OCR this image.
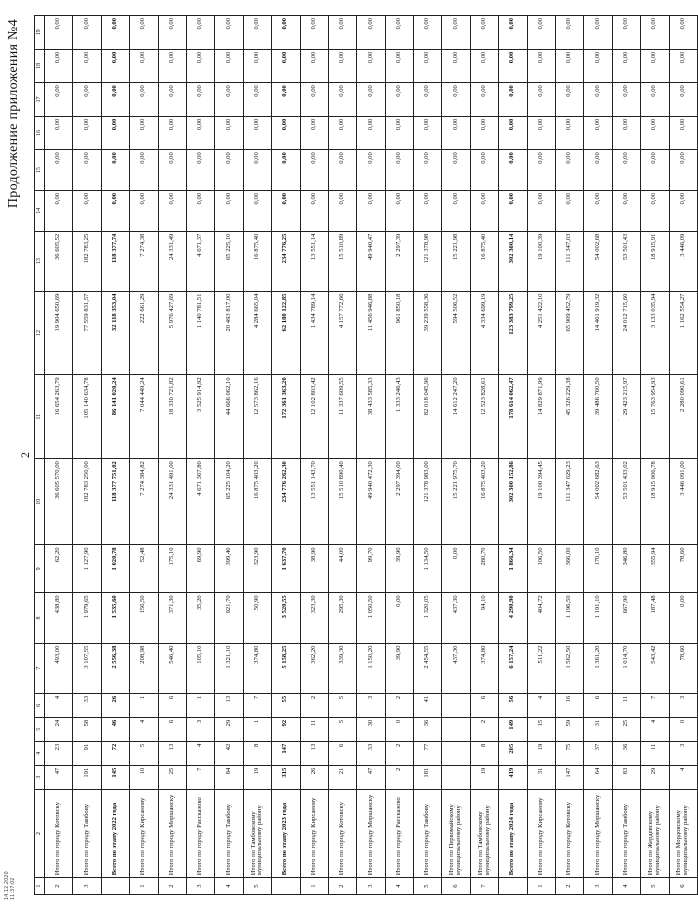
Продолжение приложения №4
2
1	2	3	4	5	6	7	8	9	10	11	12	13	14	15	16	17	18	19
2	Итого по городу Котовску	47	23	24	4	493,00	438,80	62,20	36 605 570,00	16 654 263,79	19 904 650,69	36 605,52	0,00	0,00	0,00	0,00	0,00	0,00
3	Итого по городу Тамбову	191	91	58	33	3 107,55	1 979,65	1 127,90	182 783 250,00	105 140 634,78	77 559 831,57	182 783,25	0,00	0,00	0,00	0,00	0,00	0,00
	Всего по этапу 2022 года	145	72	46	26	2 556,38	1 535,60	1 020,78	118 377 751,02	86 141 020,24	32 118 353,04	118 377,74	0,00	0,00	0,00	0,00	0,00	0,00
1	Итого по городу Кирсанову	10	5	4	1	208,98	156,50	52,48	7 274 384,82	7 044 449,24	222 661,29	7 274,38	0,00	0,00	0,00	0,00	0,00	0,00
2	Итого по городу Моршанску	25	13	6	6	546,40	371,30	175,10	24 331 491,00	18 330 721,82	5 976 427,69	24 331,49	0,00	0,00	0,00	0,00	0,00	0,00
3	Итого по городу Рассказово	7	4	3	1	105,10	35,20	69,90	4 671 367,80	3 525 914,92	1 140 781,51	4 671,37	0,00	0,00	0,00	0,00	0,00	0,00
4	Итого по городу Тамбову	84	42	29	13	1 321,10	921,70	399,40	65 225 104,20	44 666 062,10	20 493 817,00	65 225,10	0,00	0,00	0,00	0,00	0,00	0,00
5	Итого по Тамбовскому муниципальному району	19	8	1	7	374,80	50,90	323,90	16 875 403,20	12 573 862,16	4 284 665,04	16 875,40	0,00	0,00	0,00	0,00	0,00	0,00
	Всего по этапу 2023 года	315	147	92	55	5 158,25	3 520,55	1 637,70	234 776 262,30	172 361 363,20	62 180 122,85	234 776,25	0,00	0,00	0,00	0,00	0,00	0,00
1	Итого по городу Кирсанову	26	13	11	2	362,20	323,30	38,90	13 551 143,70	12 102 803,42	1 434 789,14	13 551,14	0,00	0,00	0,00	0,00	0,00	0,00
2	Итого по городу Котовску	21	6	5	5	339,30	295,30	44,00	15 510 890,40	11 337 609,55	4 157 772,66	15 510,89	0,00	0,00	0,00	0,00	0,00	0,00
3	Итого по городу Моршанску	47	33	30	3	1 150,20	1 050,50	99,70	49 940 472,30	38 433 585,33	11 456 946,88	49 940,47	0,00	0,00	0,00	0,00	0,00	0,00
4	Итого по городу Рассказово	2	2	0	2	39,90	0,00	39,90	2 297 394,00	1 333 246,43	961 850,18	2 297,39	0,00	0,00	0,00	0,00	0,00	0,00
5	Итого по городу Тамбову	181	77	36	41	2 454,55	1 320,05	1 134,50	121 378 983,00	82 018 045,96	39 239 558,36	121 378,98	0,00	0,00	0,00	0,00	0,00	0,00
6	Итого по Первомайскому муниципальному району					437,30	437,30	0,00	15 221 975,70	14 612 247,20	594 506,52	15 221,98	0,00	0,00	0,00	0,00	0,00	0,00
7	Итого по Тамбовскому муниципальному району	19	8	2	6	374,80	94,10	280,70	16 875 403,20	12 523 828,61	4 334 699,19	16 875,40	0,00	0,00	0,00	0,00	0,00	0,00
	Всего по этапу 2024 года	419	205	149	56	6 157,24	4 290,90	1 866,34	302 300 152,86	178 614 062,47	123 383 799,25	302 300,14	0,00	0,00	0,00	0,00	0,00	0,00
1	Итого по городу Кирсанову	31	19	15	4	511,22	404,72	106,50	19 100 394,45	14 829 871,99	4 251 422,10	19 100,39	0,00	0,00	0,00	0,00	0,00	0,00
2	Итого по городу Котовску	147	75	59	16	1 562,50	1 196,50	366,00	111 347 029,23	45 326 229,38	65 909 452,79	111 347,03	0,00	0,00	0,00	0,00	0,00	0,00
3	Итого по городу Моршанску	64	37	31	6	1 361,20	1 191,10	170,10	54 002 682,63	39 486 760,50	14 461 919,32	54 002,68	0,00	0,00	0,00	0,00	0,00	0,00
4	Итого по городу Тамбову	83	36	25	11	1 014,70	667,90	346,80	53 501 433,02	29 423 215,97	24 012 715,60	53 501,43	0,00	0,00	0,00	0,00	0,00	0,00
5	Итого по Жердевскому муниципальному району	29	11	4	7	543,42	187,48	355,94	18 915 906,78	15 763 954,93	3 133 035,94	18 915,91	0,00	0,00	0,00	0,00	0,00	0,00
6	Итого по Мордовскому муниципальному району	4	3	0	3	78,60	0,00	78,60	3 446 091,00	2 280 090,61	1 162 554,27	3 446,09	0,00	0,00	0,00	0,00	0,00	0,00
14.12.2020 11:37:02
.
